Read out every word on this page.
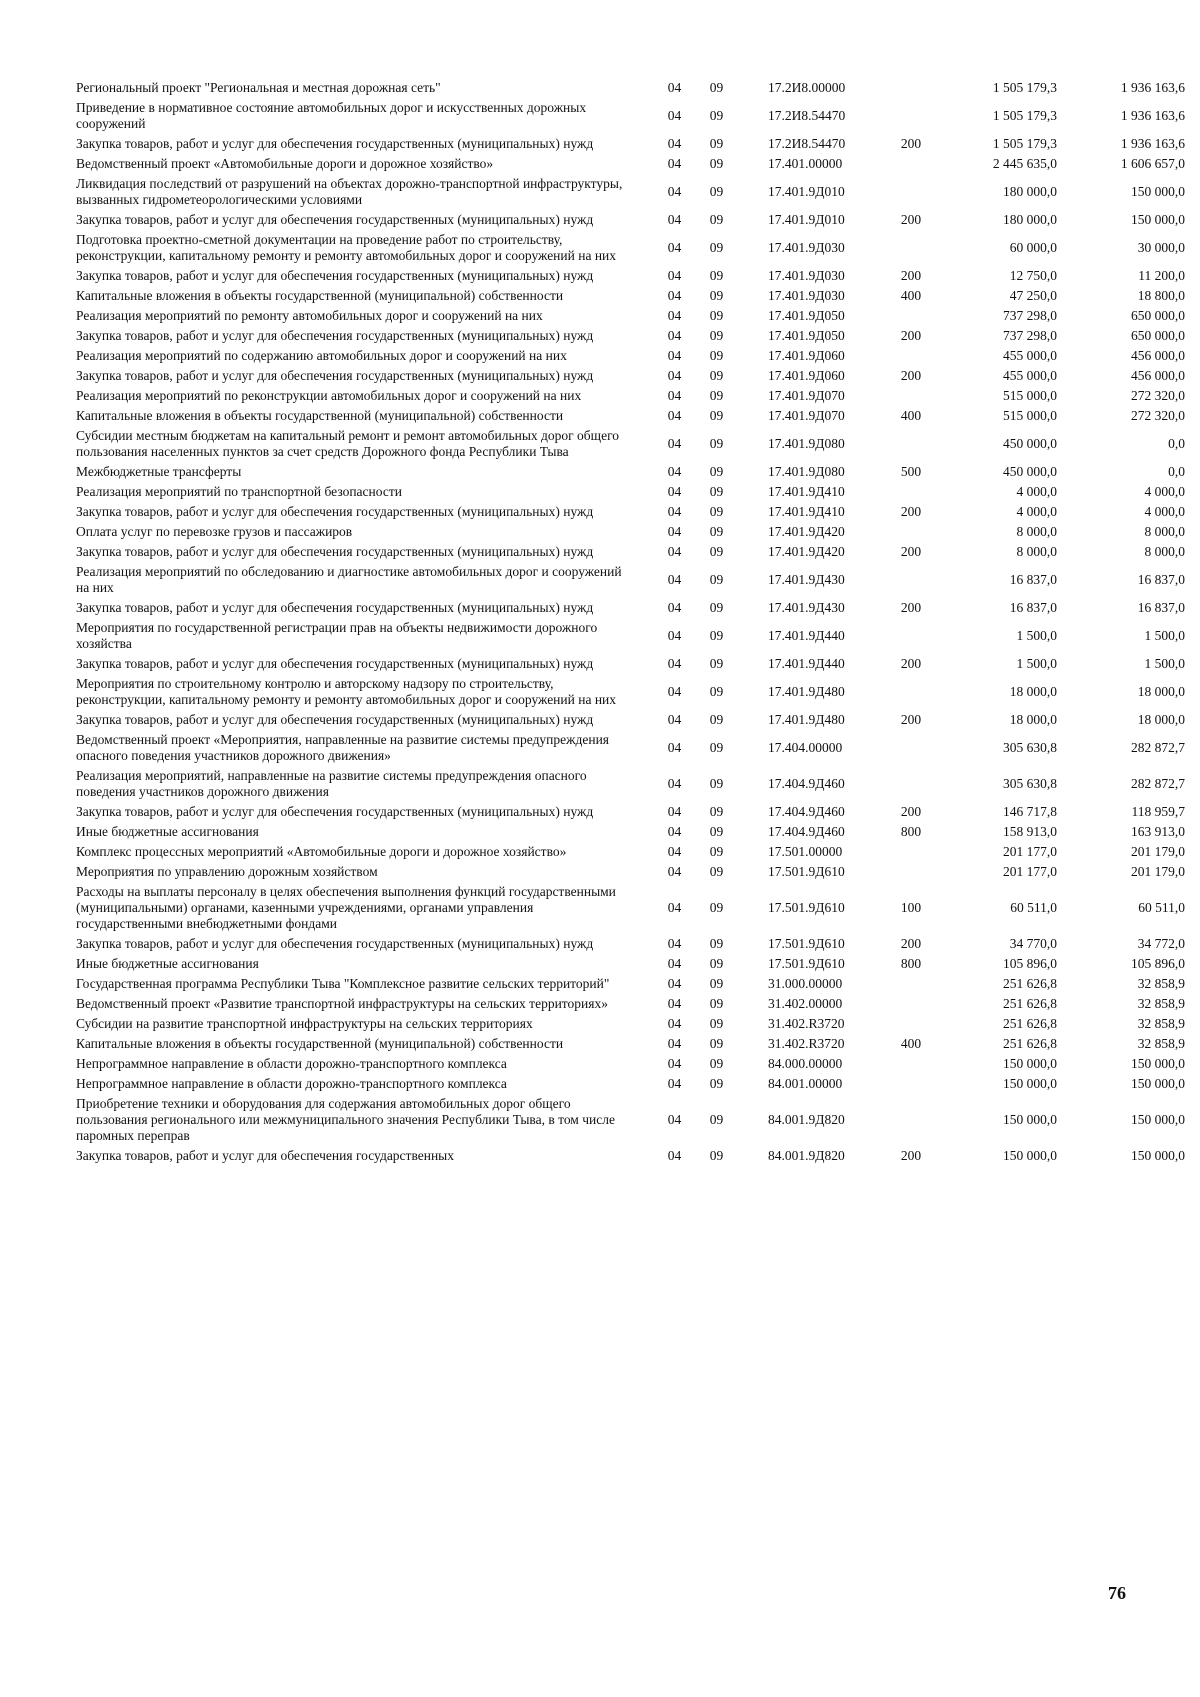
Региональный проект "Региональная и местная дорожная сеть"	04	09	17.2И8.00000		1 505 179,3	1 936 163,6
Приведение в нормативное состояние автомобильных дорог и искусственных дорожных сооружений	04	09	17.2И8.54470		1 505 179,3	1 936 163,6
Закупка товаров, работ и услуг для обеспечения государственных (муниципальных) нужд	04	09	17.2И8.54470	200	1 505 179,3	1 936 163,6
Ведомственный проект «Автомобильные дороги и дорожное хозяйство»	04	09	17.401.00000		2 445 635,0	1 606 657,0
Ликвидация последствий от разрушений на объектах дорожно-транспортной инфраструктуры, вызванных гидрометеорологическими условиями	04	09	17.401.9Д010		180 000,0	150 000,0
Закупка товаров, работ и услуг для обеспечения государственных (муниципальных) нужд	04	09	17.401.9Д010	200	180 000,0	150 000,0
Подготовка проектно-сметной документации на проведение работ по строительству, реконструкции, капитальному ремонту и ремонту автомобильных дорог и сооружений на них	04	09	17.401.9Д030		60 000,0	30 000,0
Закупка товаров, работ и услуг для обеспечения государственных (муниципальных) нужд	04	09	17.401.9Д030	200	12 750,0	11 200,0
Капитальные вложения в объекты государственной (муниципальной) собственности	04	09	17.401.9Д030	400	47 250,0	18 800,0
Реализация мероприятий по ремонту автомобильных дорог и сооружений на них	04	09	17.401.9Д050		737 298,0	650 000,0
Закупка товаров, работ и услуг для обеспечения государственных (муниципальных) нужд	04	09	17.401.9Д050	200	737 298,0	650 000,0
Реализация мероприятий по содержанию автомобильных дорог и сооружений на них	04	09	17.401.9Д060		455 000,0	456 000,0
Закупка товаров, работ и услуг для обеспечения государственных (муниципальных) нужд	04	09	17.401.9Д060	200	455 000,0	456 000,0
Реализация мероприятий по реконструкции автомобильных дорог и сооружений на них	04	09	17.401.9Д070		515 000,0	272 320,0
Капитальные вложения в объекты государственной (муниципальной) собственности	04	09	17.401.9Д070	400	515 000,0	272 320,0
Субсидии местным бюджетам на капитальный ремонт и ремонт автомобильных дорог общего пользования населенных пунктов за счет средств Дорожного фонда Республики Тыва	04	09	17.401.9Д080		450 000,0	0,0
Межбюджетные трансферты	04	09	17.401.9Д080	500	450 000,0	0,0
Реализация мероприятий по транспортной безопасности	04	09	17.401.9Д410		4 000,0	4 000,0
Закупка товаров, работ и услуг для обеспечения государственных (муниципальных) нужд	04	09	17.401.9Д410	200	4 000,0	4 000,0
Оплата услуг по перевозке грузов и пассажиров	04	09	17.401.9Д420		8 000,0	8 000,0
Закупка товаров, работ и услуг для обеспечения государственных (муниципальных) нужд	04	09	17.401.9Д420	200	8 000,0	8 000,0
Реализация мероприятий по обследованию и диагностике автомобильных дорог и сооружений на них	04	09	17.401.9Д430		16 837,0	16 837,0
Закупка товаров, работ и услуг для обеспечения государственных (муниципальных) нужд	04	09	17.401.9Д430	200	16 837,0	16 837,0
Мероприятия по государственной регистрации прав на объекты недвижимости дорожного хозяйства	04	09	17.401.9Д440		1 500,0	1 500,0
Закупка товаров, работ и услуг для обеспечения государственных (муниципальных) нужд	04	09	17.401.9Д440	200	1 500,0	1 500,0
Мероприятия по строительному контролю и авторскому надзору по строительству, реконструкции, капитальному ремонту и ремонту автомобильных дорог и сооружений на них	04	09	17.401.9Д480		18 000,0	18 000,0
Закупка товаров, работ и услуг для обеспечения государственных (муниципальных) нужд	04	09	17.401.9Д480	200	18 000,0	18 000,0
Ведомственный проект «Мероприятия, направленные на развитие системы предупреждения опасного поведения участников дорожного движения»	04	09	17.404.00000		305 630,8	282 872,7
Реализация мероприятий, направленные на развитие системы предупреждения опасного поведения участников дорожного движения	04	09	17.404.9Д460		305 630,8	282 872,7
Закупка товаров, работ и услуг для обеспечения государственных (муниципальных) нужд	04	09	17.404.9Д460	200	146 717,8	118 959,7
Иные бюджетные ассигнования	04	09	17.404.9Д460	800	158 913,0	163 913,0
Комплекс процессных мероприятий «Автомобильные дороги и дорожное хозяйство»	04	09	17.501.00000		201 177,0	201 179,0
Мероприятия по управлению дорожным хозяйством	04	09	17.501.9Д610		201 177,0	201 179,0
Расходы на выплаты персоналу в целях обеспечения выполнения функций государственными (муниципальными) органами, казенными учреждениями, органами управления государственными внебюджетными фондами	04	09	17.501.9Д610	100	60 511,0	60 511,0
Закупка товаров, работ и услуг для обеспечения государственных (муниципальных) нужд	04	09	17.501.9Д610	200	34 770,0	34 772,0
Иные бюджетные ассигнования	04	09	17.501.9Д610	800	105 896,0	105 896,0
Государственная программа Республики Тыва "Комплексное развитие сельских территорий"	04	09	31.000.00000		251 626,8	32 858,9
Ведомственный проект «Развитие транспортной инфраструктуры на сельских территориях»	04	09	31.402.00000		251 626,8	32 858,9
Субсидии на развитие транспортной инфраструктуры на сельских территориях	04	09	31.402.R3720		251 626,8	32 858,9
Капитальные вложения в объекты государственной (муниципальной) собственности	04	09	31.402.R3720	400	251 626,8	32 858,9
Непрограммное направление в области дорожно-транспортного комплекса	04	09	84.000.00000		150 000,0	150 000,0
Непрограммное направление в области дорожно-транспортного комплекса	04	09	84.001.00000		150 000,0	150 000,0
Приобретение техники и оборудования для содержания автомобильных дорог общего пользования регионального или межмуниципального значения Республики Тыва, в том числе паромных переправ	04	09	84.001.9Д820		150 000,0	150 000,0
Закупка товаров, работ и услуг для обеспечения государственных	04	09	84.001.9Д820	200	150 000,0	150 000,0
76
